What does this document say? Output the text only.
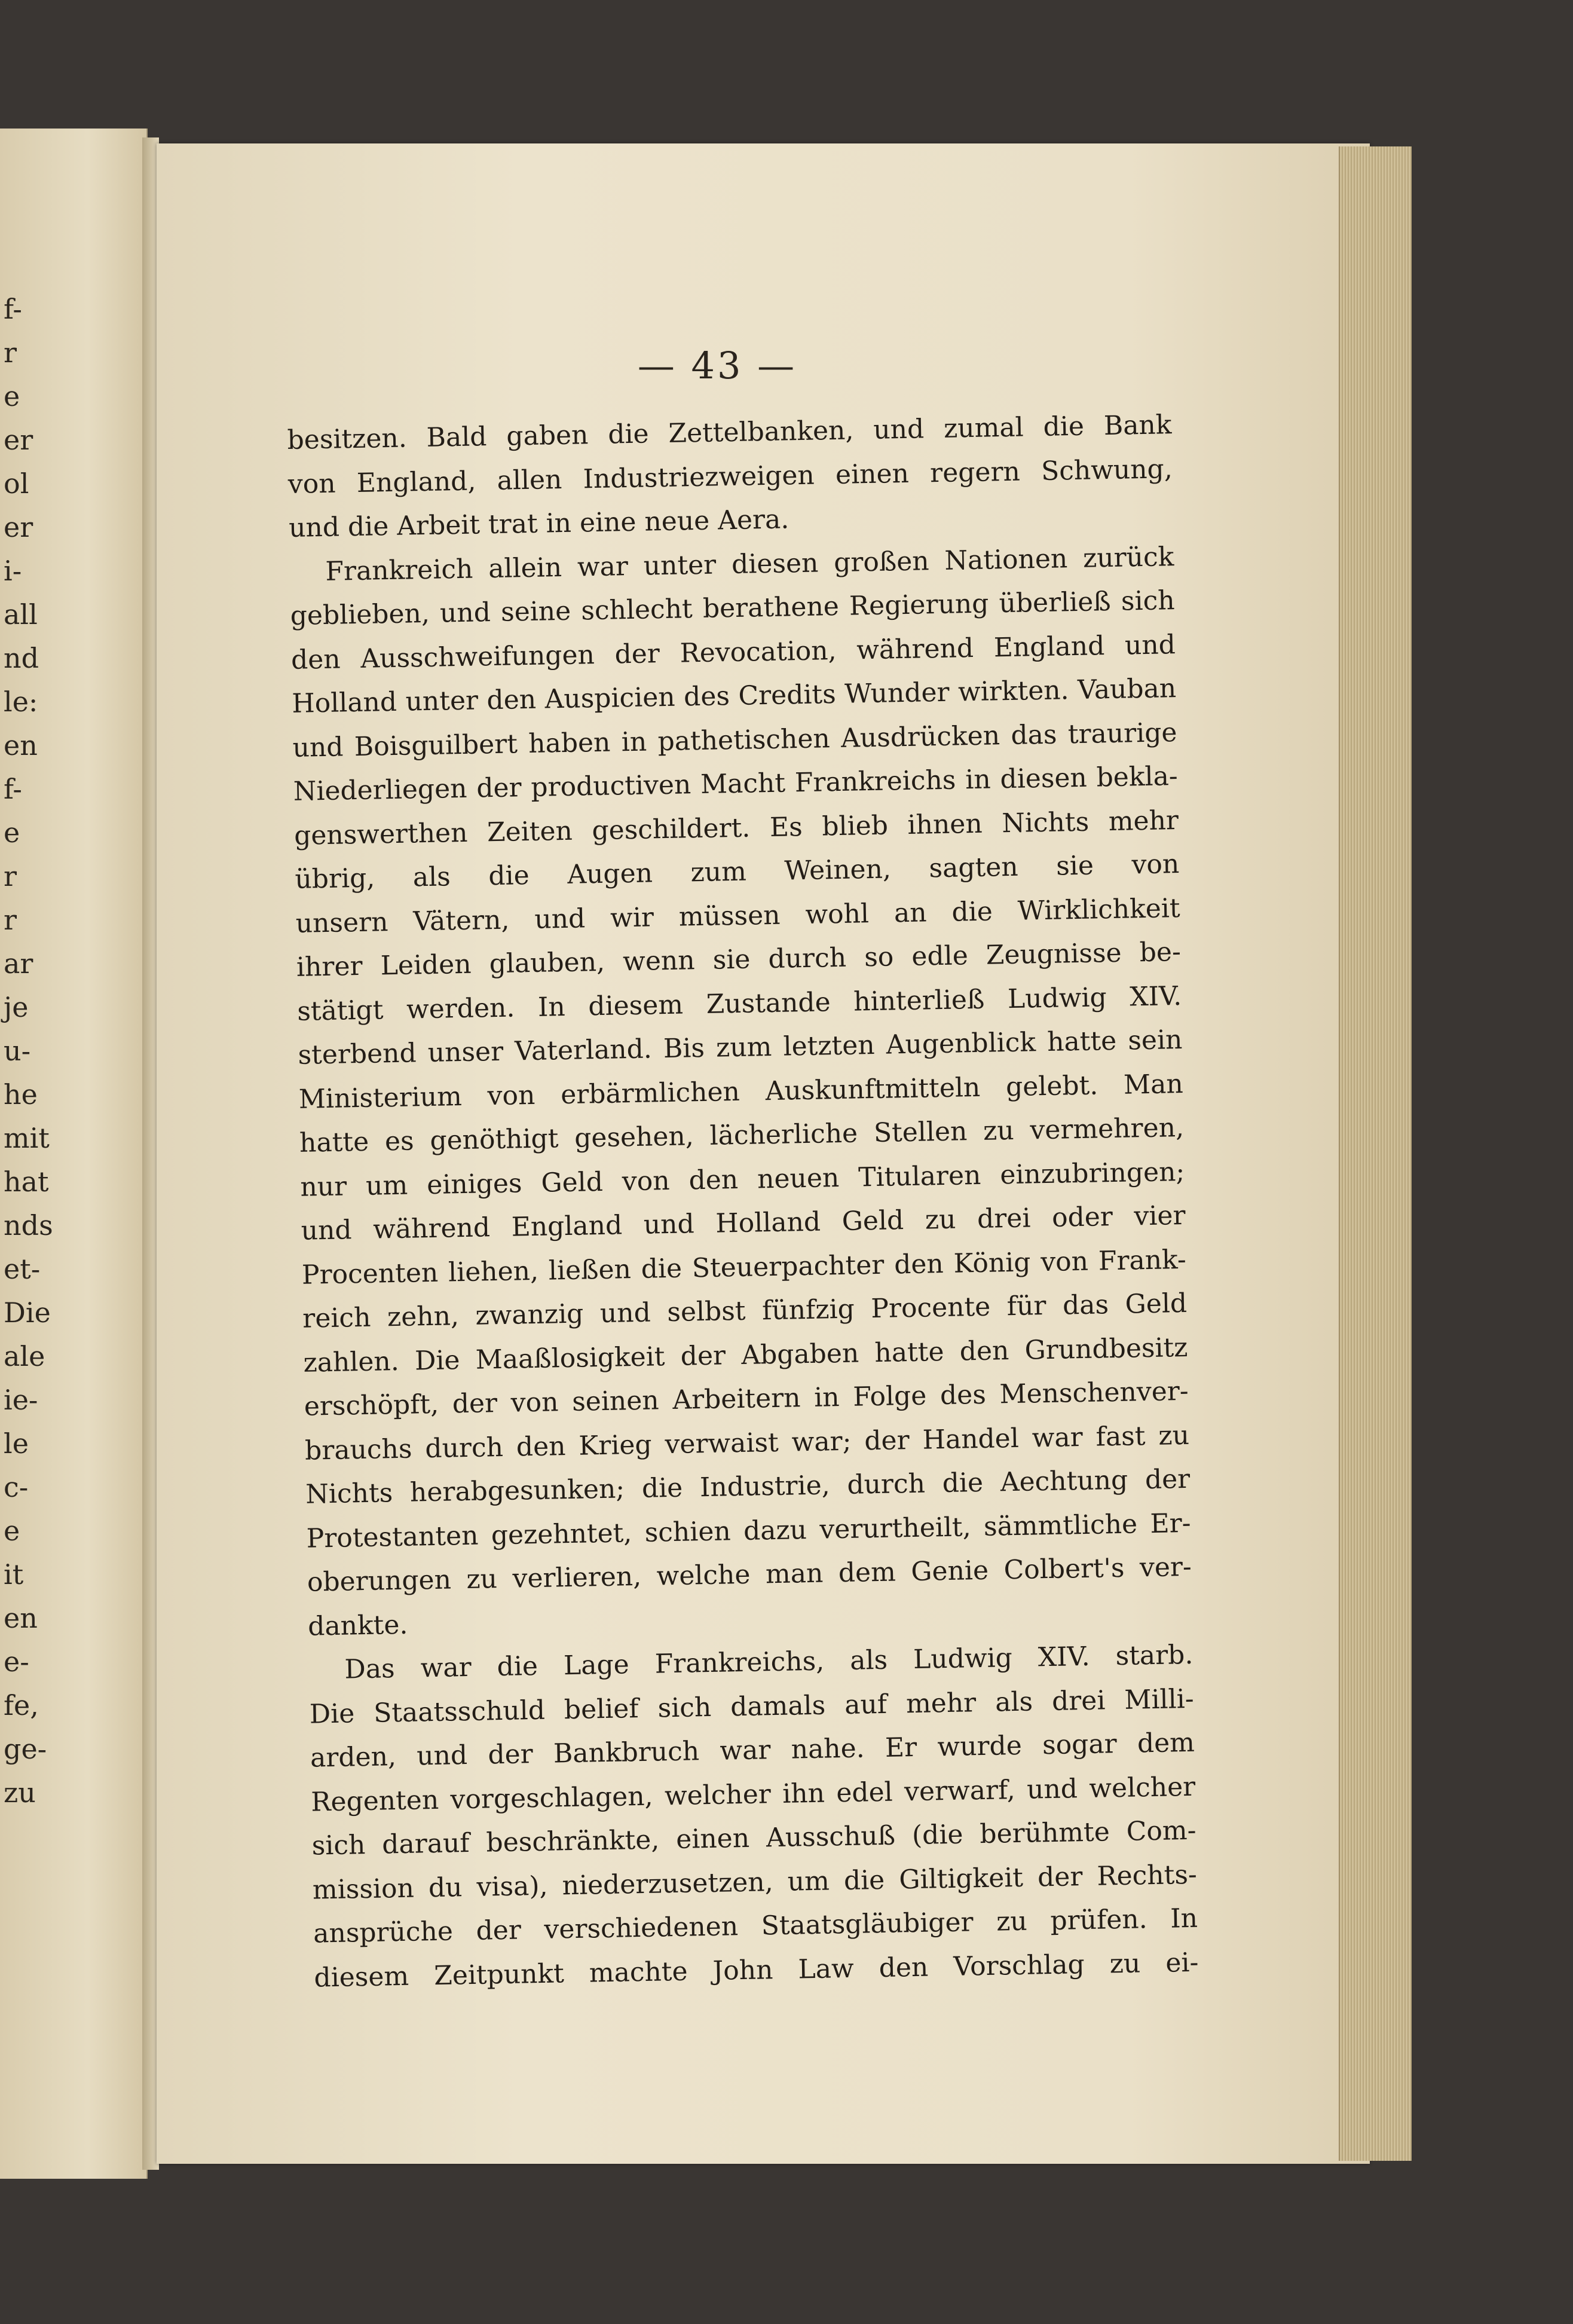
f-
r
e
er
ol
er
i-
all
nd
le:
en
f-
e
r
r
ar
je
u-
he
mit
hat
nds
et-
Die
ale
ie-
le
c-
e
it
en
e-
fe,
ge-
zu
— 43 —
besitzen. Bald gaben die Zettelbanken, und zumal die Bank
von England, allen Industriezweigen einen regern Schwung,
und die Arbeit trat in eine neue Aera.
Frankreich allein war unter diesen großen Nationen zurück
geblieben, und seine schlecht berathene Regierung überließ sich
den Ausschweifungen der Revocation, während England und
Holland unter den Auspicien des Credits Wunder wirkten. Vauban
und Boisguilbert haben in pathetischen Ausdrücken das traurige
Niederliegen der productiven Macht Frankreichs in diesen bekla-
genswerthen Zeiten geschildert. Es blieb ihnen Nichts mehr
übrig, als die Augen zum Weinen, sagten sie von
unsern Vätern, und wir müssen wohl an die Wirklichkeit
ihrer Leiden glauben, wenn sie durch so edle Zeugnisse be-
stätigt werden. In diesem Zustande hinterließ Ludwig XIV.
sterbend unser Vaterland. Bis zum letzten Augenblick hatte sein
Ministerium von erbärmlichen Auskunftmitteln gelebt. Man
hatte es genöthigt gesehen, lächerliche Stellen zu vermehren,
nur um einiges Geld von den neuen Titularen einzubringen;
und während England und Holland Geld zu drei oder vier
Procenten liehen, ließen die Steuerpachter den König von Frank-
reich zehn, zwanzig und selbst fünfzig Procente für das Geld
zahlen. Die Maaßlosigkeit der Abgaben hatte den Grundbesitz
erschöpft, der von seinen Arbeitern in Folge des Menschenver-
brauchs durch den Krieg verwaist war; der Handel war fast zu
Nichts herabgesunken; die Industrie, durch die Aechtung der
Protestanten gezehntet, schien dazu verurtheilt, sämmtliche Er-
oberungen zu verlieren, welche man dem Genie Colbert's ver-
dankte.
Das war die Lage Frankreichs, als Ludwig XIV. starb.
Die Staatsschuld belief sich damals auf mehr als drei Milli-
arden, und der Bankbruch war nahe. Er wurde sogar dem
Regenten vorgeschlagen, welcher ihn edel verwarf, und welcher
sich darauf beschränkte, einen Ausschuß (die berühmte Com-
mission du visa), niederzusetzen, um die Giltigkeit der Rechts-
ansprüche der verschiedenen Staatsgläubiger zu prüfen. In
diesem Zeitpunkt machte John Law den Vorschlag zu ei-
